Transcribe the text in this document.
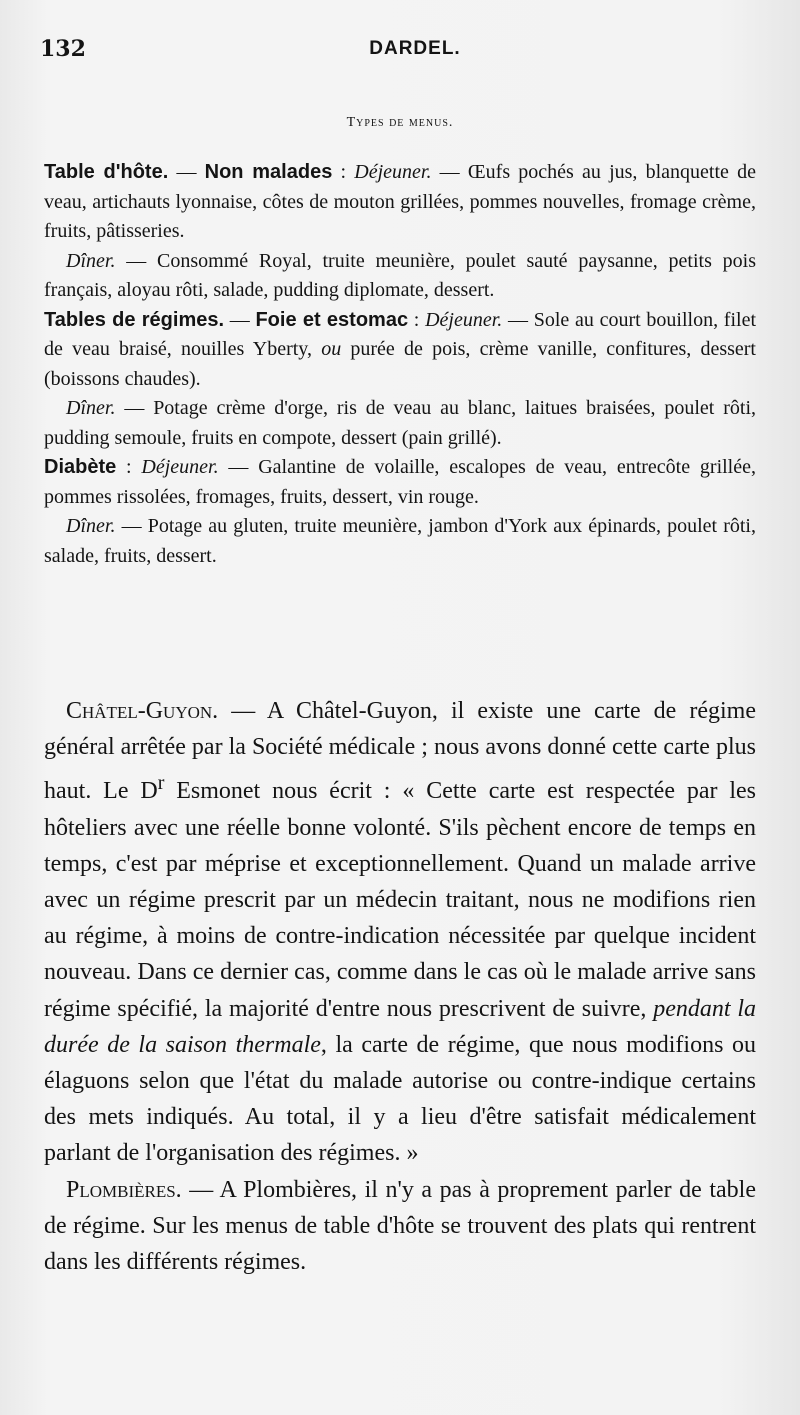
132	DARDEL.
Types de menus.

Table d'hôte. — Non malades : Déjeuner. — Œufs pochés au jus, blanquette de veau, artichauts lyonnaise, côtes de mouton grillées, pommes nouvelles, fromage crème, fruits, pâtisseries.

Dîner. — Consommé Royal, truite meunière, poulet sauté paysanne, petits pois français, aloyau rôti, salade, pudding diplomate, dessert.

Tables de régimes. — Foie et estomac : Déjeuner. — Sole au court bouillon, filet de veau braisé, nouilles Yberty, ou purée de pois, crème vanille, confitures, dessert (boissons chaudes).

Dîner. — Potage crème d'orge, ris de veau au blanc, laitues braisées, poulet rôti, pudding semoule, fruits en compote, dessert (pain grillé).

Diabète : Déjeuner. — Galantine de volaille, escalopes de veau, entrecôte grillée, pommes rissolées, fromages, fruits, dessert, vin rouge.

Dîner. — Potage au gluten, truite meunière, jambon d'York aux épinards, poulet rôti, salade, fruits, dessert.

Châtel-Guyon. — A Châtel-Guyon, il existe une carte de régime général arrêtée par la Société médicale ; nous avons donné cette carte plus haut. Le $D^r$ Esmonet nous écrit : « Cette carte est respectée par les hôteliers avec une réelle bonne volonté. S'ils pèchent encore de temps en temps, c'est par méprise et exceptionnellement. Quand un malade arrive avec un régime prescrit par un médecin traitant, nous ne modifions rien au régime, à moins de contre-indication nécessitée par quelque incident nouveau. Dans ce dernier cas, comme dans le cas où le malade arrive sans régime spécifié, la majorité d'entre nous prescrivent de suivre, pendant la durée de la saison thermale, la carte de régime, que nous modifions ou élaguons selon que l'état du malade autorise ou contre-indique certains des mets indiqués. Au total, il y a lieu d'être satisfait médicalement parlant de l'organisation des régimes. »

Plombières. — A Plombières, il n'y a pas à proprement parler de table de régime. Sur les menus de table d'hôte se trouvent des plats qui rentrent dans les différents régimes.
